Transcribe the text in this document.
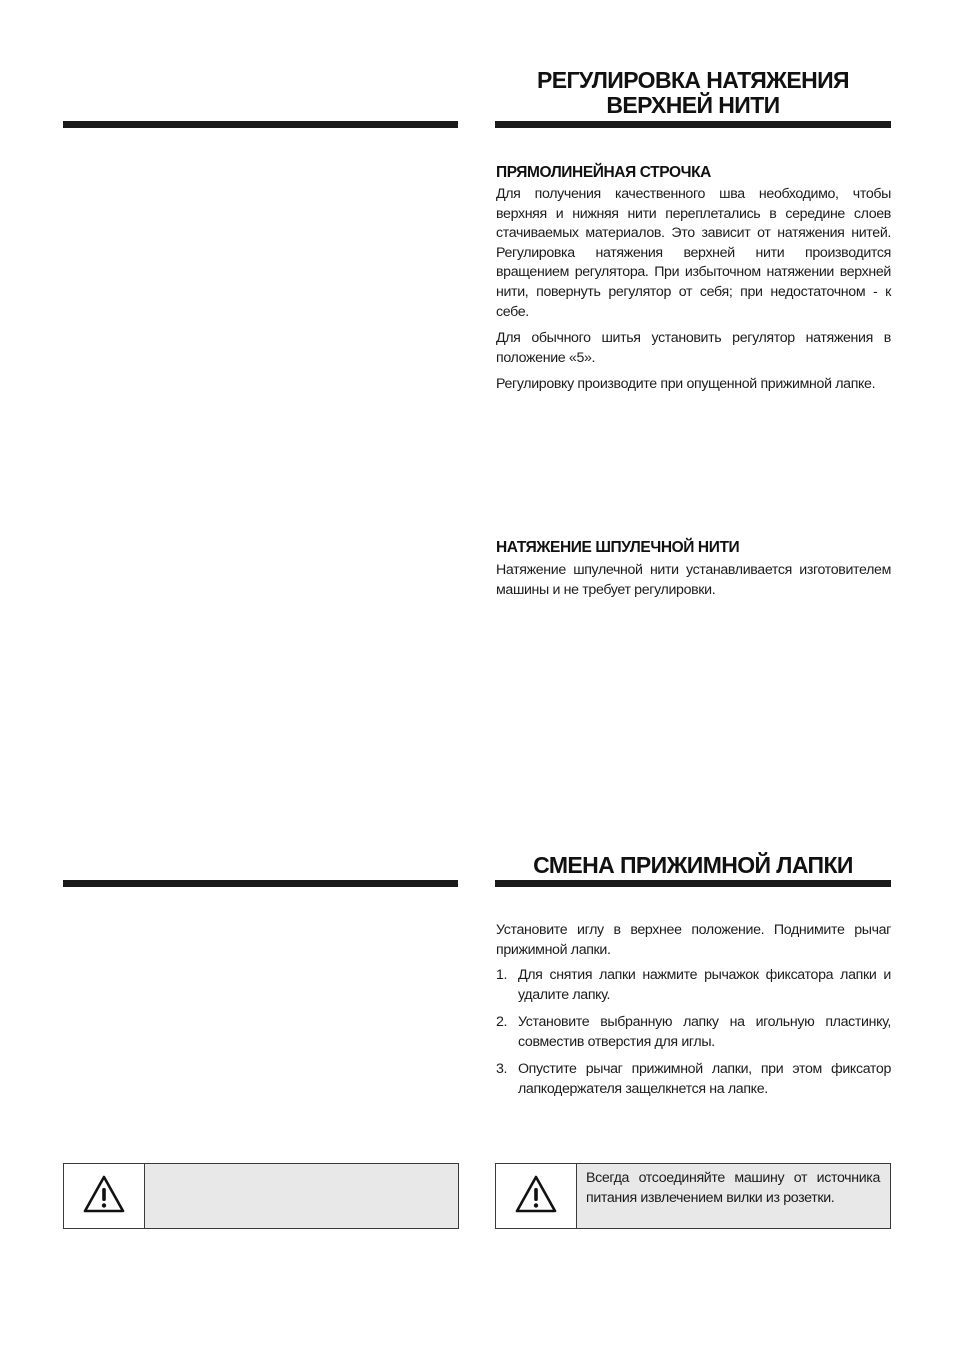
РЕГУЛИРОВКА НАТЯЖЕНИЯ
ВЕРХНЕЙ НИТИ
ПРЯМОЛИНЕЙНАЯ СТРОЧКА

Для получения качественного шва необходимо, чтобы верхняя и нижняя нити переплетались в середине слоев стачиваемых материалов. Это зависит от натяжения нитей. Регулировка натяжения верхней нити производится вращением регулятора. При избыточном натяжении верхней нити, повернуть регулятор от себя; при недостаточном - к себе.

Для обычного шитья установить регулятор натяжения в положение «5».

Регулировку производите при опущенной прижимной лапке.

НАТЯЖЕНИЕ ШПУЛЕЧНОЙ НИТИ

Натяжение шпулечной нити устанавливается изготовителем машины и не требует регулировки.

СМЕНА ПРИЖИМНОЙ ЛАПКИ

Установите иглу в верхнее положение. Поднимите рычаг прижимной лапки.

1. Для снятия лапки нажмите рычажок фиксатора лапки и удалите лапку.
2. Установите выбранную лапку на игольную пластинку, совместив отверстия для иглы.
3. Опустите рычаг прижимной лапки, при этом фиксатор лапкодержателя защелкнется на лапке.
Всегда отсоединяйте машину от источника питания извлечением вилки из розетки.
